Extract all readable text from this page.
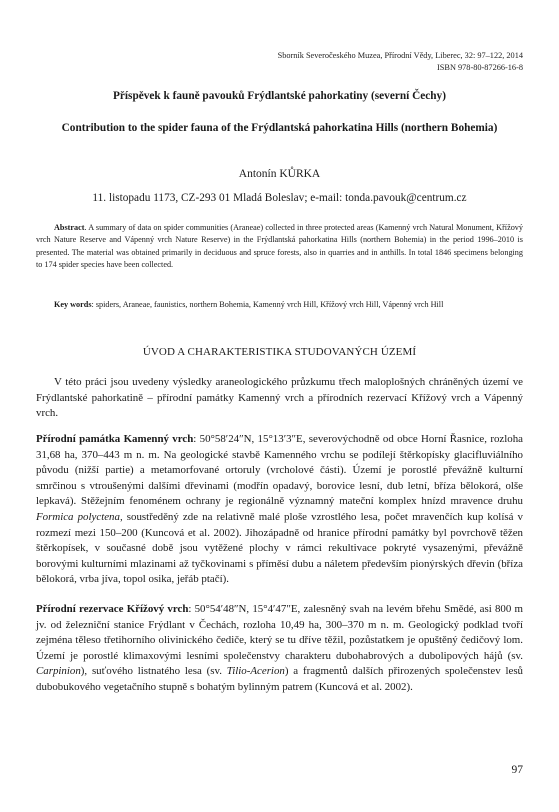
Sborník Severočeského Muzea, Přírodní Vědy, Liberec, 32: 97–122, 2014
ISBN 978-80-87266-16-8
Příspěvek k fauně pavouků Frýdlantské pahorkatiny (severní Čechy)
Contribution to the spider fauna of the Frýdlantská pahorkatina Hills (northern Bohemia)
Antonín KŮRKA
11. listopadu 1173, CZ-293 01 Mladá Boleslav; e-mail: tonda.pavouk@centrum.cz
Abstract. A summary of data on spider communities (Araneae) collected in three protected areas (Kamenný vrch Natural Monument, Křížový vrch Nature Reserve and Vápenný vrch Nature Reserve) in the Frýdlantská pahorkatina Hills (northern Bohemia) in the period 1996–2010 is presented. The material was obtained primarily in deciduous and spruce forests, also in quarries and in anthills. In total 1846 specimens belonging to 174 spider species have been collected.
Key words: spiders, Araneae, faunistics, northern Bohemia, Kamenný vrch Hill, Křížový vrch Hill, Vápenný vrch Hill
ÚVOD A CHARAKTERISTIKA STUDOVANÝCH ÚZEMÍ
V této práci jsou uvedeny výsledky araneologického průzkumu třech maloplošných chráněných území ve Frýdlantské pahorkatině – přírodní památky Kamenný vrch a přírodních rezervací Křížový vrch a Vápenný vrch.
Přírodní památka Kamenný vrch: 50°58′24″N, 15°13′3″E, severovýchodně od obce Horní Řasnice, rozloha 31,68 ha, 370–443 m n. m. Na geologické stavbě Kamenného vrchu se podílejí štěrkopísky glacifluviálního původu (nižší partie) a metamorfované ortoruly (vrcholové části). Území je porostlé převážně kulturní smrčinou s vtroušenými dalšími dřevinami (modřín opadavý, borovice lesní, dub letní, bříza bělokorá, olše lepkavá). Stěžejním fenoménem ochrany je regionálně významný mateční komplex hnízd mravence druhu Formica polyctena, soustředěný zde na relativně malé ploše vzrostlého lesa, počet mravenčích kup kolísá v rozmezí mezi 150–200 (Kuncová et al. 2002). Jihozápadně od hranice přírodní památky byl povrchově těžen štěrkopísek, v současné době jsou vytěžené plochy v rámci rekultivace pokryté vysazenými, převážně borovými kulturními mlazinami až tyčkovinami s příměsí dubu a náletem především pionýrských dřevin (bříza bělokorá, vrba jíva, topol osika, jeřáb ptačí).
Přírodní rezervace Křížový vrch: 50°54′48″N, 15°4′47″E, zalesněný svah na levém břehu Smědé, asi 800 m jv. od železniční stanice Frýdlant v Čechách, rozloha 10,49 ha, 300–370 m n. m. Geologický podklad tvoří zejména těleso třetihorního olivinického čediče, který se tu dříve těžil, pozůstatkem je opuštěný čedičový lom. Území je porostlé klimaxovými lesními společenstvy charakteru dubohabrových a dubolipových hájů (sv. Carpinion), suťového listnatého lesa (sv. Tilio-Acerion) a fragmentů dalších přirozených společenstev lesů dubobukového vegetačního stupně s bohatým bylinným patrem (Kuncová et al. 2002).
97
